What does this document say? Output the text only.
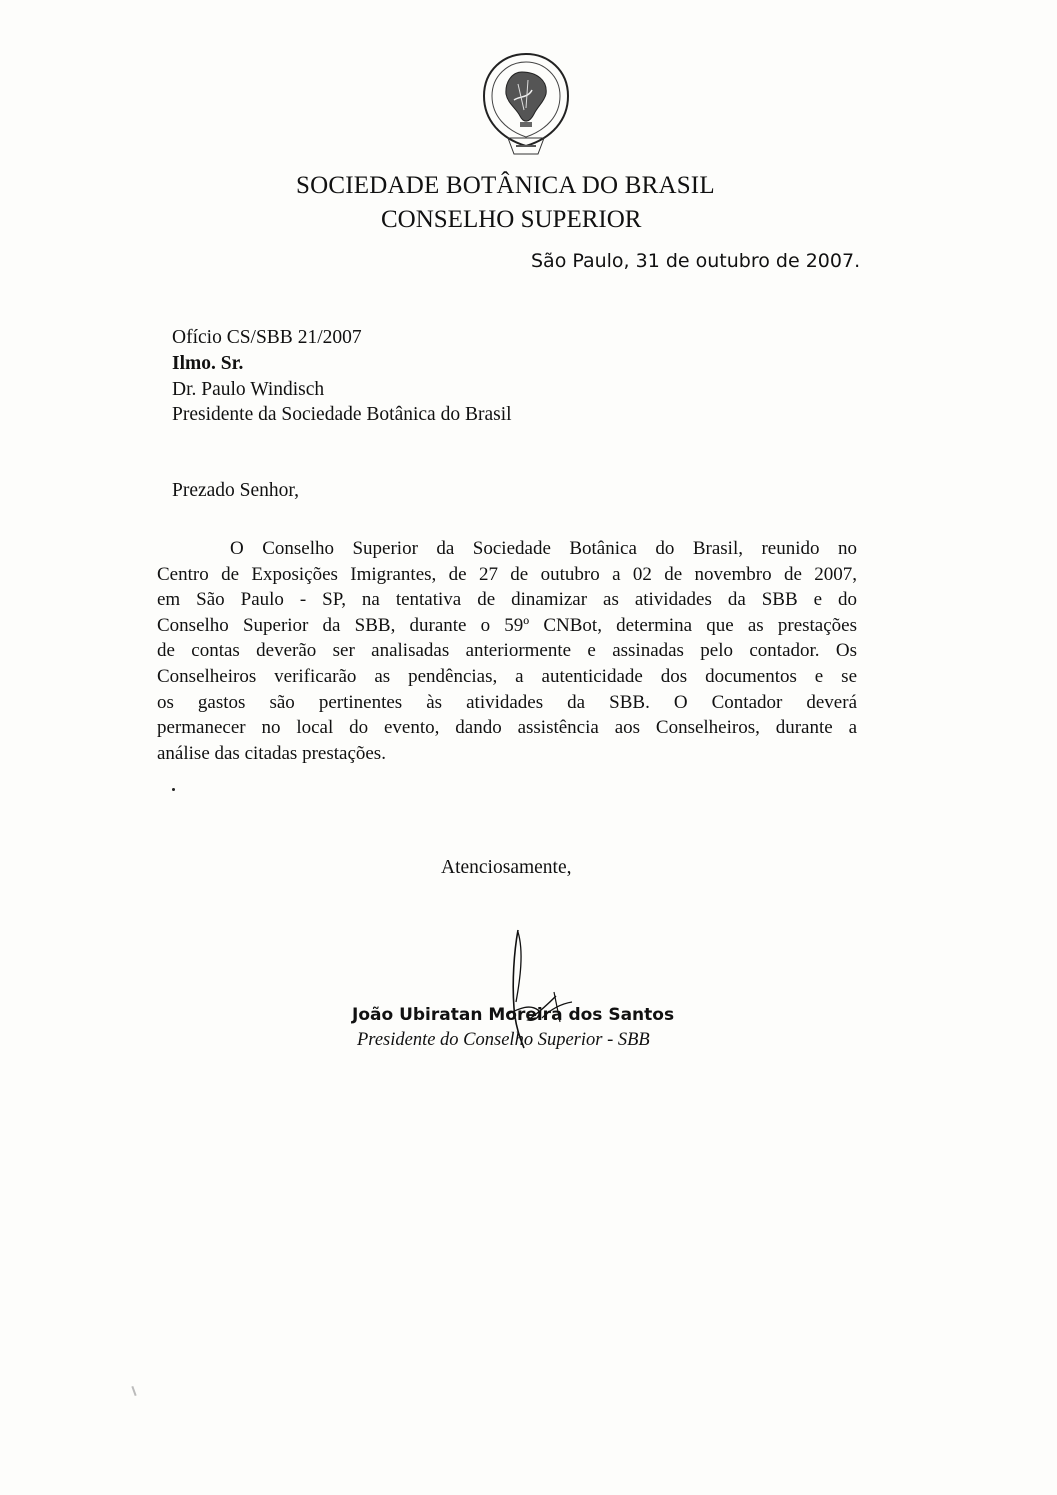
SOCIEDADE BOTÂNICA DO BRASIL
CONSELHO SUPERIOR
São Paulo, 31 de outubro de 2007.
Ofício CS/SBB 21/2007
Ilmo. Sr.
Dr. Paulo Windisch
Presidente da Sociedade Botânica do Brasil
Prezado Senhor,
O Conselho Superior da Sociedade Botânica do Brasil, reunido no
Centro de Exposições Imigrantes, de 27 de outubro a 02 de novembro de 2007,
em São Paulo - SP, na tentativa de dinamizar as atividades da SBB e do
Conselho Superior da SBB, durante o 59º CNBot, determina que as prestações
de contas deverão ser analisadas anteriormente e assinadas pelo contador. Os
Conselheiros verificarão as pendências, a autenticidade dos documentos e se
os gastos são pertinentes às atividades da SBB. O Contador deverá
permanecer no local do evento, dando assistência aos Conselheiros, durante a
análise das citadas prestações.
Atenciosamente,
João Ubiratan Moreira dos Santos
Presidente do Conselho Superior - SBB
